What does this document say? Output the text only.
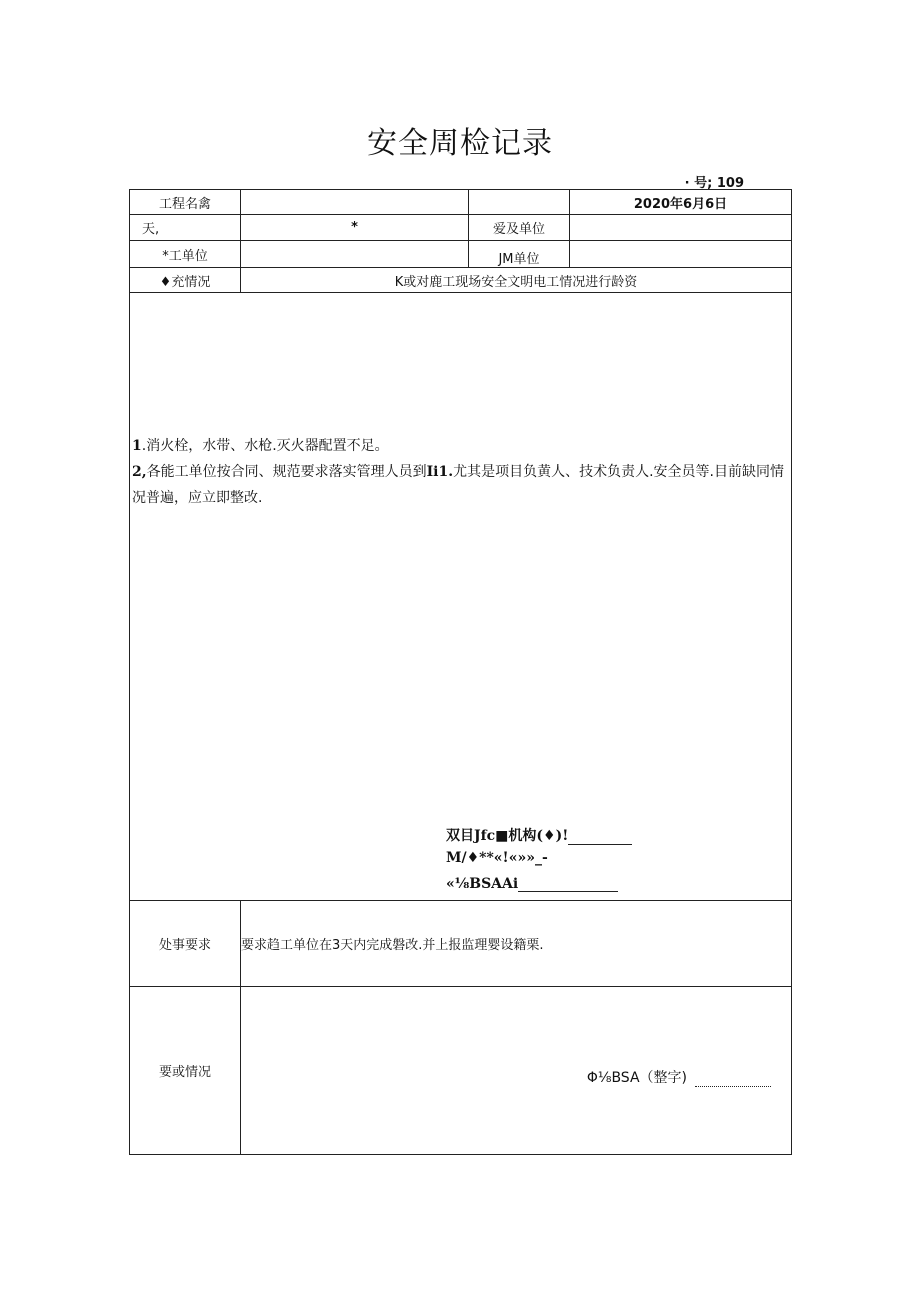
安全周检记录
· 号; 109
工程名禽			2020年6月6日
天,	*	爱及单位	
*工单位		JM单位	
♦充情况	K或对鹿工现场安全文明电工情况进行龄资		

1.消火栓，水带、水枪.灭火器配置不足。
2,各能工单位按合同、规范要求落实管理人员到Ii1.尤其是项目负黄人、技术负责人.安全员等.目前缺同情况普遍，应立即整改.
双目Jfc■机构(♦)!
M/♦**«!«»»_-
«⅛BSAAi			

处事要求	要求趋工单位在3天内完成磐改.并上报监理婴设籍栗.		
要或情况	Φ⅛BSA（整字)		
